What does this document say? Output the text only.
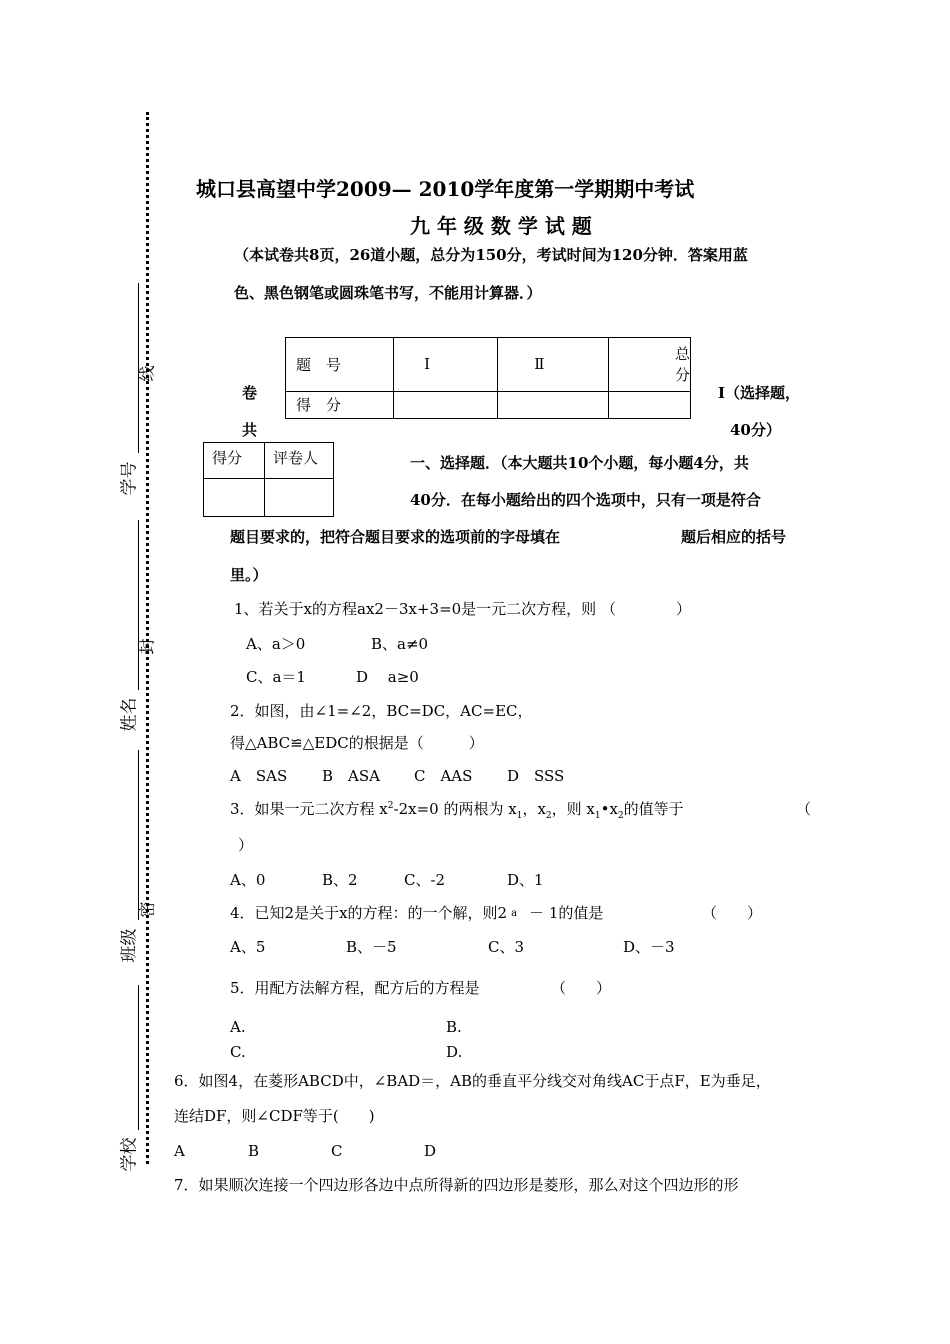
学号
姓名
班级
学校
线
封
密
城口县高望中学2009— 2010学年度第一学期期中考试
九 年 级 数 学 试 题
（本试卷共8页，26道小题，总分为150分，考试时间为120分钟．答案用蓝
色、黑色钢笔或圆珠笔书写，不能用计算器．）
题　号	Ⅰ	Ⅱ	总分
得　分			
卷
共
Ⅰ（选择题，
40分）
得分	评卷人
		一、选择题．（本大题共10个小题，每小题4分，共
40分．在每小题给出的四个选项中，只有一项是符合
题目要求的，把符合题目要求的选项前的字母填在	题后相应的括号
里。）
1、若关于x的方程ax2－3x+3=0是一元二次方程，则 （　　　　）
A、a＞0	B、a≠0
C、a＝1	D　 a≥0
2．如图，由∠1=∠2，BC=DC，AC=EC，
得△ABC≌△EDC的根据是（　　　）
A　SAS B　ASA C　AAS D　SSS
3．如果一元二次方程 $x^2-2x=0$ 的两根为 $x_1$，$x_2$，则 $x_1•x_2$的值等于	（
）
A、0	B、2	C、-2	D、1
4．已知2是关于x的方程：的一个解，则2 a － 1的值是	（　　）
A、5	B、－5	C、3	D、－3
5．用配方法解方程，配方后的方程是	（　　）
A.	B.
C.	D.
6．如图4，在菱形ABCD中，∠BAD＝，AB的垂直平分线交对角线AC于点F，E为垂足，
连结DF，则∠CDF等于(　　)
A	B	C	D
7．如果顺次连接一个四边形各边中点所得新的四边形是菱形，那么对这个四边形的形
